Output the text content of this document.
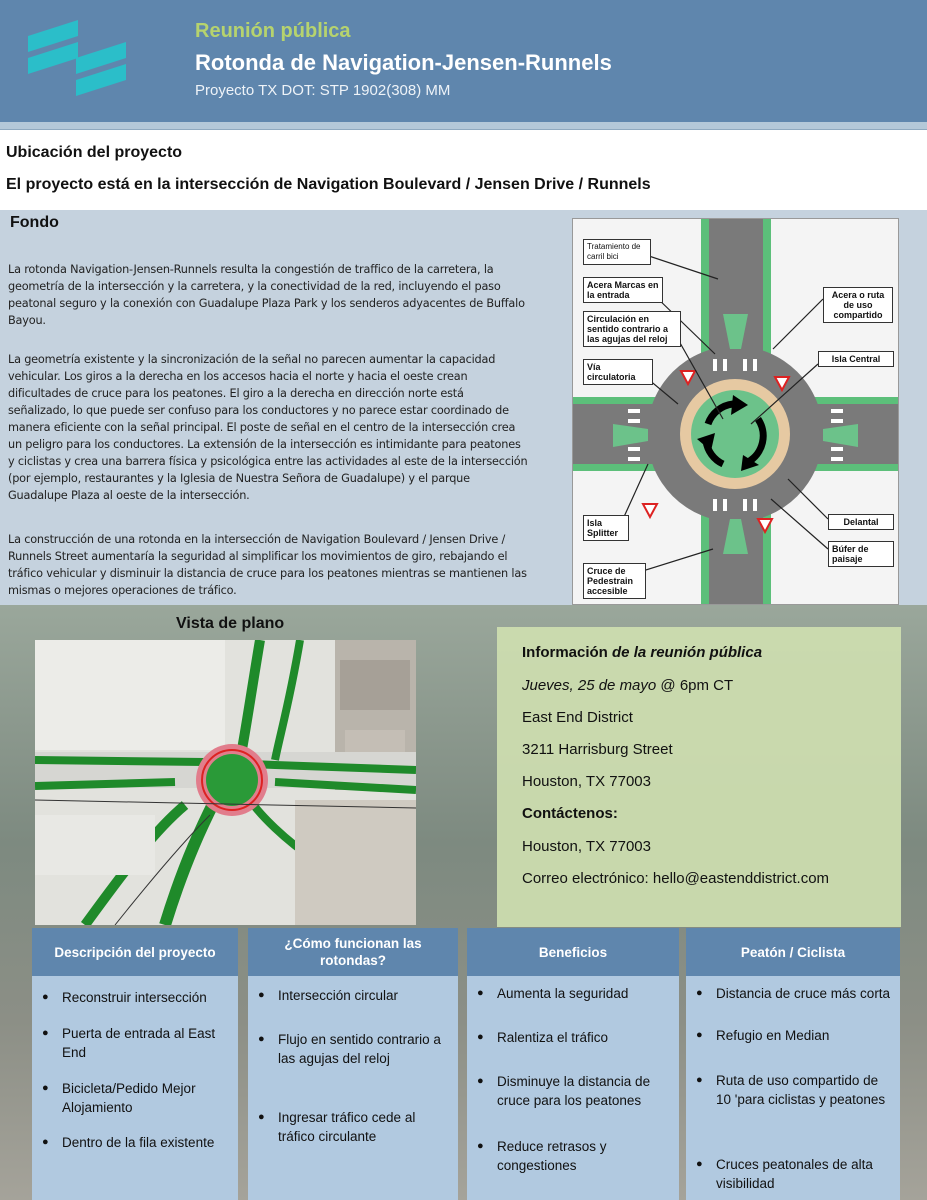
Reunión pública
Rotonda de Navigation-Jensen-Runnels
Proyecto TX DOT: STP 1902(308) MM
Ubicación del proyecto
El proyecto está en la intersección de Navigation Boulevard / Jensen Drive / Runnels
Fondo
La rotonda Navigation-Jensen-Runnels resulta la congestión de traffico de la carretera, la geometría de la intersección y la carretera, y la conectividad de la red, incluyendo el paso peatonal seguro y la conexión con Guadalupe Plaza Park y los senderos adyacentes de Buffalo Bayou.
La geometría existente y la sincronización de la señal no parecen aumentar la capacidad vehicular. Los giros a la derecha en los accesos hacia el norte y hacia el oeste crean dificultades de cruce para los peatones. El giro a la derecha en dirección norte está señalizado, lo que puede ser confuso para los conductores y no parece estar coordinado de manera eficiente con la señal principal. El poste de señal en el centro de la intersección crea un peligro para los conductores. La extensión de la intersección es intimidante para peatones y ciclistas y crea una barrera física y psicológica entre las actividades al este de la intersección (por ejemplo, restaurantes y la Iglesia de Nuestra Señora de Guadalupe) y el parque Guadalupe Plaza al oeste de la intersección.
La construcción de una rotonda en la intersección de Navigation Boulevard / Jensen Drive / Runnels Street aumentaría la seguridad al simplificar los movimientos de giro, rebajando el tráfico vehicular y disminuir la distancia de cruce para los peatones mientras se mantienen las mismas o mejores operaciones de tráfico.
Tratamiento de carril bici
Acera Marcas en la entrada
Circulación en sentido contrario a las agujas del reloj
Vía circulatoria
Isla Splitter
Cruce de Pedestrain accesible
Acera o ruta de uso compartido
Isla Central
Delantal
Búfer de paisaje
Vista de plano
Información de la reunión pública
Jueves, 25 de mayo @ 6pm CT
East End District
3211 Harrisburg Street
Houston, TX 77003
Contáctenos:
Houston, TX 77003
Correo electrónico: hello@eastenddistrict.com
Descripción del proyecto
● Reconstruir intersección
● Puerta de entrada al East End
● Bicicleta/Pedido Mejor Alojamiento
● Dentro de la fila existente
¿Cómo funcionan las rotondas?
● Intersección circular
● Flujo en sentido contrario a las agujas del reloj
● Ingresar tráfico cede al tráfico circulante
Beneficios
● Aumenta la seguridad
● Ralentiza el tráfico
● Disminuye la distancia de cruce para los peatones
● Reduce retrasos y congestiones
Peatón / Ciclista
● Distancia de cruce más corta
● Refugio en Median
● Ruta de uso compartido de 10 'para ciclistas y peatones
● Cruces peatonales de alta visibilidad
